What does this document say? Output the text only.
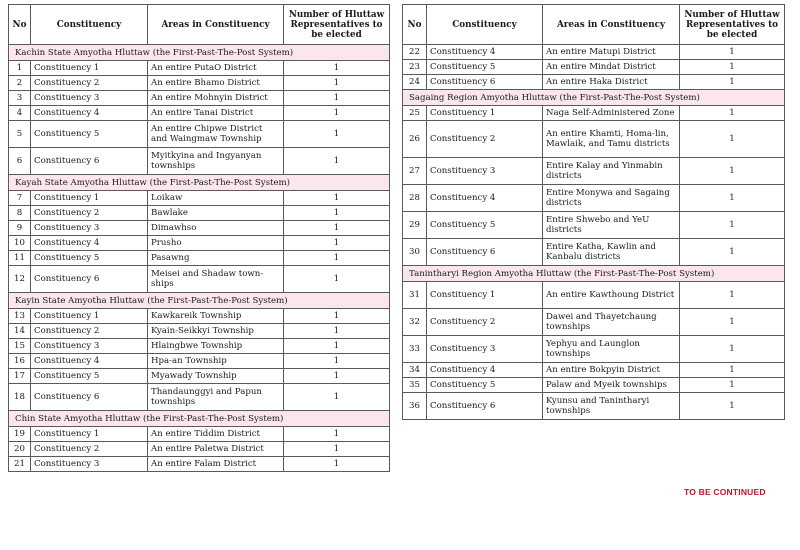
No	Constituency	Areas in Constituency	Number of Hluttaw Representatives to be elected
Kachin State Amyotha Hluttaw (the First-Past-The-Post System)			
1	Constituency 1	An entire PutaO District	1
2	Constituency 2	An entire Bhamo District	1
3	Constituency 3	An entire Mohnyin District	1
4	Constituency 4	An entire Tanai District	1
5	Constituency 5	An entire Chipwe District and Waingmaw Township	1
6	Constituency 6	Myitkyina and Ingyanyan townships	1
Kayah State Amyotha Hluttaw (the First-Past-The-Post System)			
7	Constituency 1	Loikaw	1
8	Constituency 2	Bawlake	1
9	Constituency 3	Dimawhso	1
10	Constituency 4	Prusho	1
11	Constituency 5	Pasawng	1
12	Constituency 6	Meisei and Shadaw town-ships	1
Kayin State Amyotha Hluttaw (the First-Past-The-Post System)			
13	Constituency 1	Kawkareik Township	1
14	Constituency 2	Kyain-Seikkyi Township	1
15	Constituency 3	Hlaingbwe Township	1
16	Constituency 4	Hpa-an Township	1
17	Constituency 5	Myawady Township	1
18	Constituency 6	Thandaunggyi and Papun townships	1
Chin State Amyotha Hluttaw (the First-Past-The-Post System)			
19	Constituency 1	An entire Tiddim District	1
20	Constituency 2	An entire Paletwa District	1
21	Constituency 3	An entire Falam District	1
No	Constituency	Areas in Constituency	Number of Hluttaw Representatives to be elected
22	Constituency 4	An entire Matupi District	1
23	Constituency 5	An entire Mindat District	1
24	Constituency 6	An entire Haka District	1
Sagaing Region Amyotha Hluttaw (the First-Past-The-Post System)			
25	Constituency 1	Naga Self-Administered Zone	1
26	Constituency 2	An entire Khamti, Homa-lin, Mawlaik, and Tamu districts	1
27	Constituency 3	Entire Kalay and Yinmabin districts	1
28	Constituency 4	Entire Monywa and Sagaing districts	1
29	Constituency 5	Entire Shwebo and YeU districts	1
30	Constituency 6	Entire Katha, Kawlin and Kanbalu districts	1
Tanintharyi Region Amyotha Hluttaw (the First-Past-The-Post System)			
31	Constituency 1	An entire Kawthoung District	1
32	Constituency 2	Dawei and Thayetchaung townships	1
33	Constituency 3	Yephyu and Launglon townships	1
34	Constituency 4	An entire Bokpyin District	1
35	Constituency 5	Palaw and Myeik townships	1
36	Constituency 6	Kyunsu and Tanintharyi townships	1
TO BE CONTINUED
